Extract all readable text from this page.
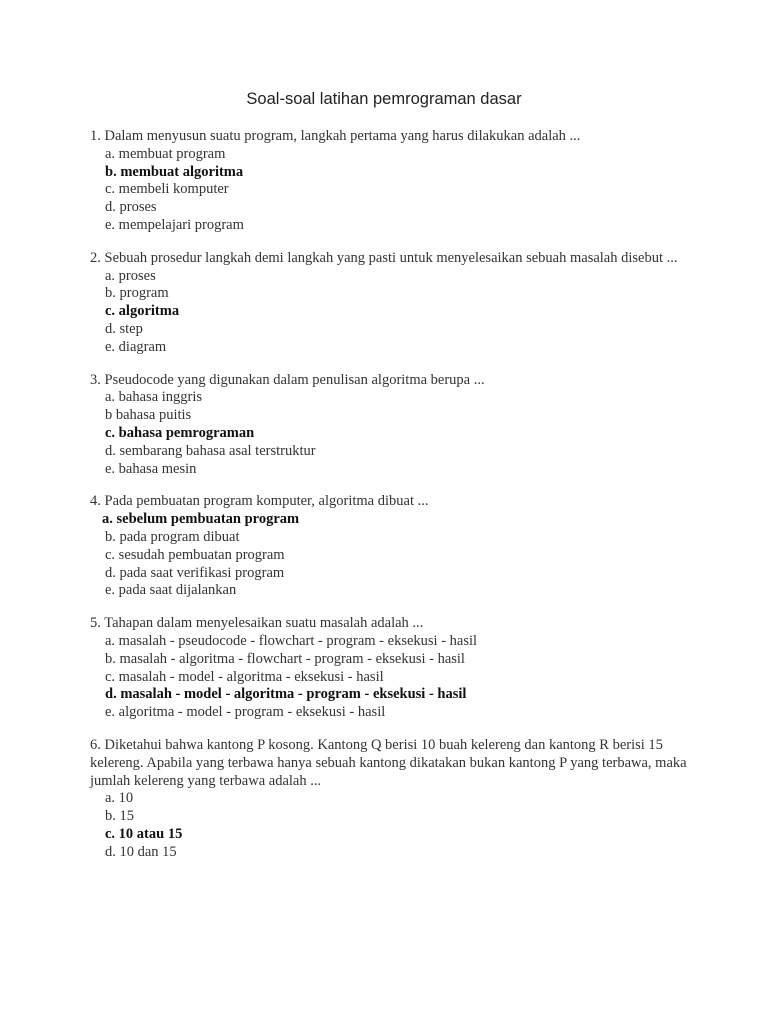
Soal-soal latihan pemrograman dasar

1. Dalam menyusun suatu program, langkah pertama yang harus dilakukan adalah ...

a. membuat program
b. membuat algoritma
c. membeli komputer
d. proses
e. mempelajari program

2. Sebuah prosedur langkah demi langkah yang pasti untuk menyelesaikan sebuah masalah disebut ...

a. proses
b. program
c. algoritma
d. step
e. diagram

3. Pseudocode yang digunakan dalam penulisan algoritma berupa ...

a. bahasa inggris
b bahasa puitis
c. bahasa pemrograman
d. sembarang bahasa asal terstruktur
e. bahasa mesin

4. Pada pembuatan program komputer, algoritma dibuat ...

a. sebelum pembuatan program
b. pada program dibuat
c. sesudah pembuatan program
d. pada saat verifikasi program
e. pada saat dijalankan

5. Tahapan dalam menyelesaikan suatu masalah adalah ...

a. masalah - pseudocode - flowchart - program - eksekusi - hasil
b. masalah - algoritma - flowchart - program - eksekusi - hasil
c. masalah - model - algoritma - eksekusi - hasil
d. masalah - model - algoritma - program - eksekusi - hasil
e. algoritma - model - program - eksekusi - hasil

6. Diketahui bahwa kantong P kosong. Kantong Q berisi 10 buah kelereng dan kantong R berisi 15 kelereng. Apabila yang terbawa hanya sebuah kantong dikatakan bukan kantong P yang terbawa, maka jumlah kelereng yang terbawa adalah ...

a. 10
b. 15
c. 10 atau 15
d. 10 dan 15
